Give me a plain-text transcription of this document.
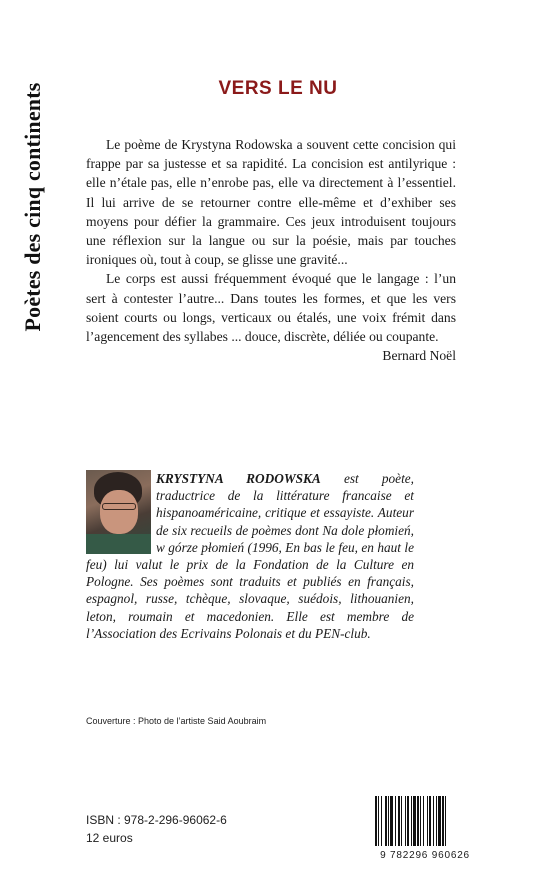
Poètes des cinq continents	VERS LE NU

Le poème de Krystyna Rodowska a souvent cette concision qui frappe par sa justesse et sa rapidité. La concision est antilyrique : elle n’étale pas, elle n’enrobe pas, elle va directement à l’essentiel. Il lui arrive de se retourner contre elle-même et d’exhiber ses moyens pour défier la grammaire. Ces jeux introduisent toujours une réflexion sur la langue ou sur la poésie, mais par touches ironiques où, tout à coup, se glisse une gravité...

Le corps est aussi fréquemment évoqué que le langage : l’un sert à contester l’autre... Dans toutes les formes, et que les vers soient courts ou longs, verticaux ou étalés, une voix frémit dans l’agencement des syllabes ... douce, discrète, déliée ou coupante.

Bernard Noël
KRYSTYNA RODOWSKA est poète, traductrice de la littérature francaise et hispanoaméricaine, critique et essayiste. Auteur de six recueils de poèmes dont Na dole płomień, w górze płomień (1996, En bas le feu, en haut le feu) lui valut le prix de la Fondation de la Culture en Pologne. Ses poèmes sont traduits et publiés en français, espagnol, russe, tchèque, slovaque, suédois, lithouanien, leton, roumain et macedonien. Elle est membre de l’Association des Ecrivains Polonais et du PEN-club.
Couverture : Photo de l’artiste Said Aoubraim
ISBN : 978-2-296-96062-6
12 euros
9 782296 960626
